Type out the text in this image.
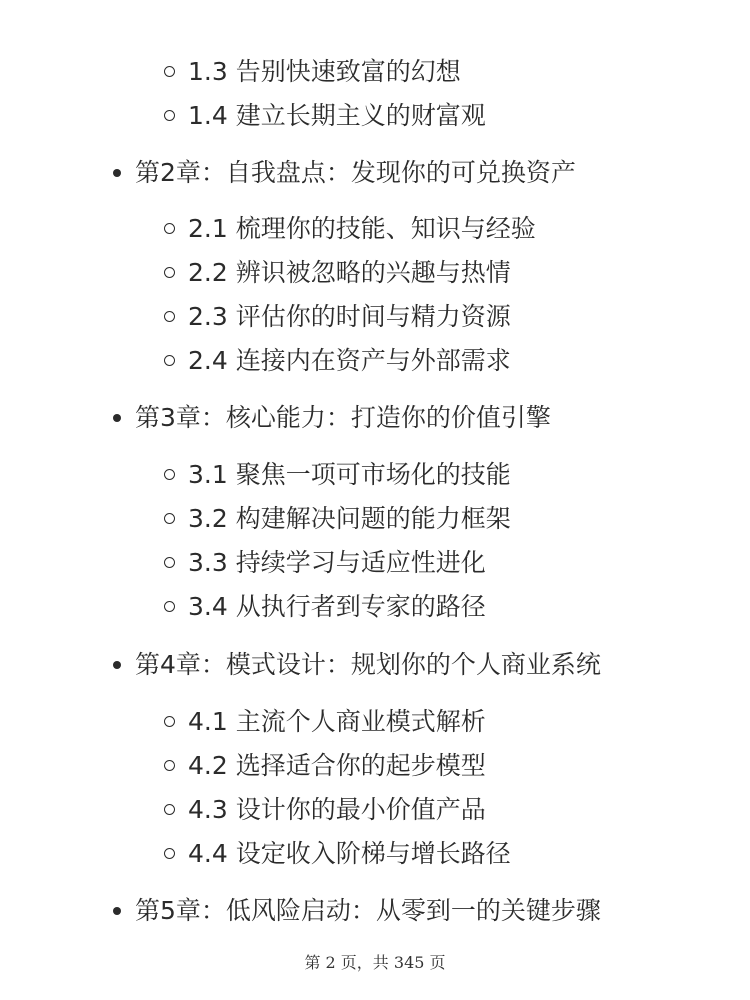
1.3 告别快速致富的幻想
1.4 建立长期主义的财富观
第2章：自我盘点：发现你的可兑换资产
2.1 梳理你的技能、知识与经验
2.2 辨识被忽略的兴趣与热情
2.3 评估你的时间与精力资源
2.4 连接内在资产与外部需求
第3章：核心能力：打造你的价值引擎
3.1 聚焦一项可市场化的技能
3.2 构建解决问题的能力框架
3.3 持续学习与适应性进化
3.4 从执行者到专家的路径
第4章：模式设计：规划你的个人商业系统
4.1 主流个人商业模式解析
4.2 选择适合你的起步模型
4.3 设计你的最小价值产品
4.4 设定收入阶梯与增长路径
第5章：低风险启动：从零到一的关键步骤
第 2 页，共 345 页
